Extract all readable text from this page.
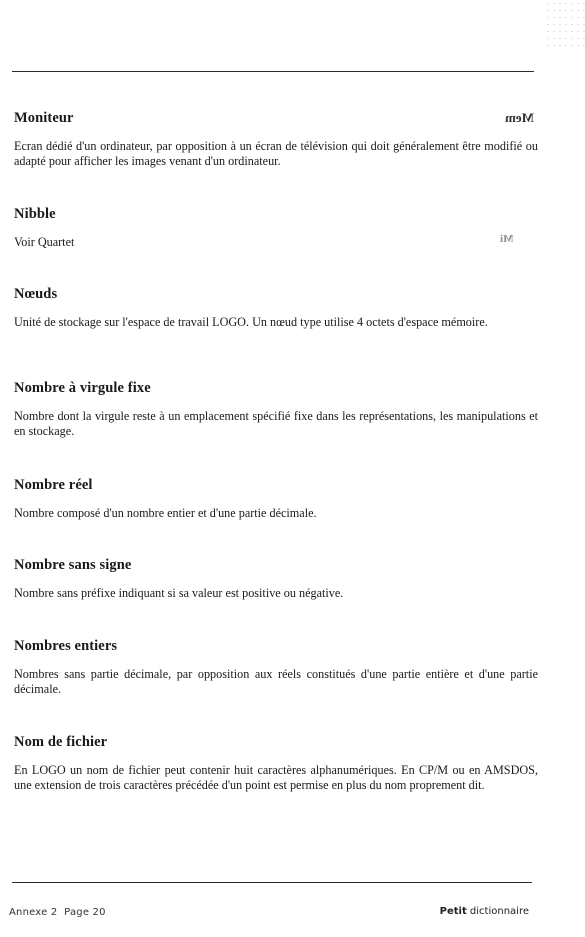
Mem
Mi
Moniteur

Ecran dédié d'un ordinateur, par opposition à un écran de télévision qui doit généralement être modifié ou adapté pour afficher les images venant d'un ordinateur.

Nibble

Voir Quartet

Nœuds

Unité de stockage sur l'espace de travail LOGO. Un nœud type utilise 4 octets d'espace mémoire.

Nombre à virgule fixe

Nombre dont la virgule reste à un emplacement spécifié fixe dans les représentations, les manipulations et en stockage.

Nombre réel

Nombre composé d'un nombre entier et d'une partie décimale.

Nombre sans signe

Nombre sans préfixe indiquant si sa valeur est positive ou négative.

Nombres entiers

Nombres sans partie décimale, par opposition aux réels constitués d'une partie entière et d'une partie décimale.

Nom de fichier

En LOGO un nom de fichier peut contenir huit caractères alphanumériques. En CP/M ou en AMSDOS, une extension de trois caractères précédée d'un point est permise en plus du nom proprement dit.

Annexe 2 Page 20	Petit dictionnaire
